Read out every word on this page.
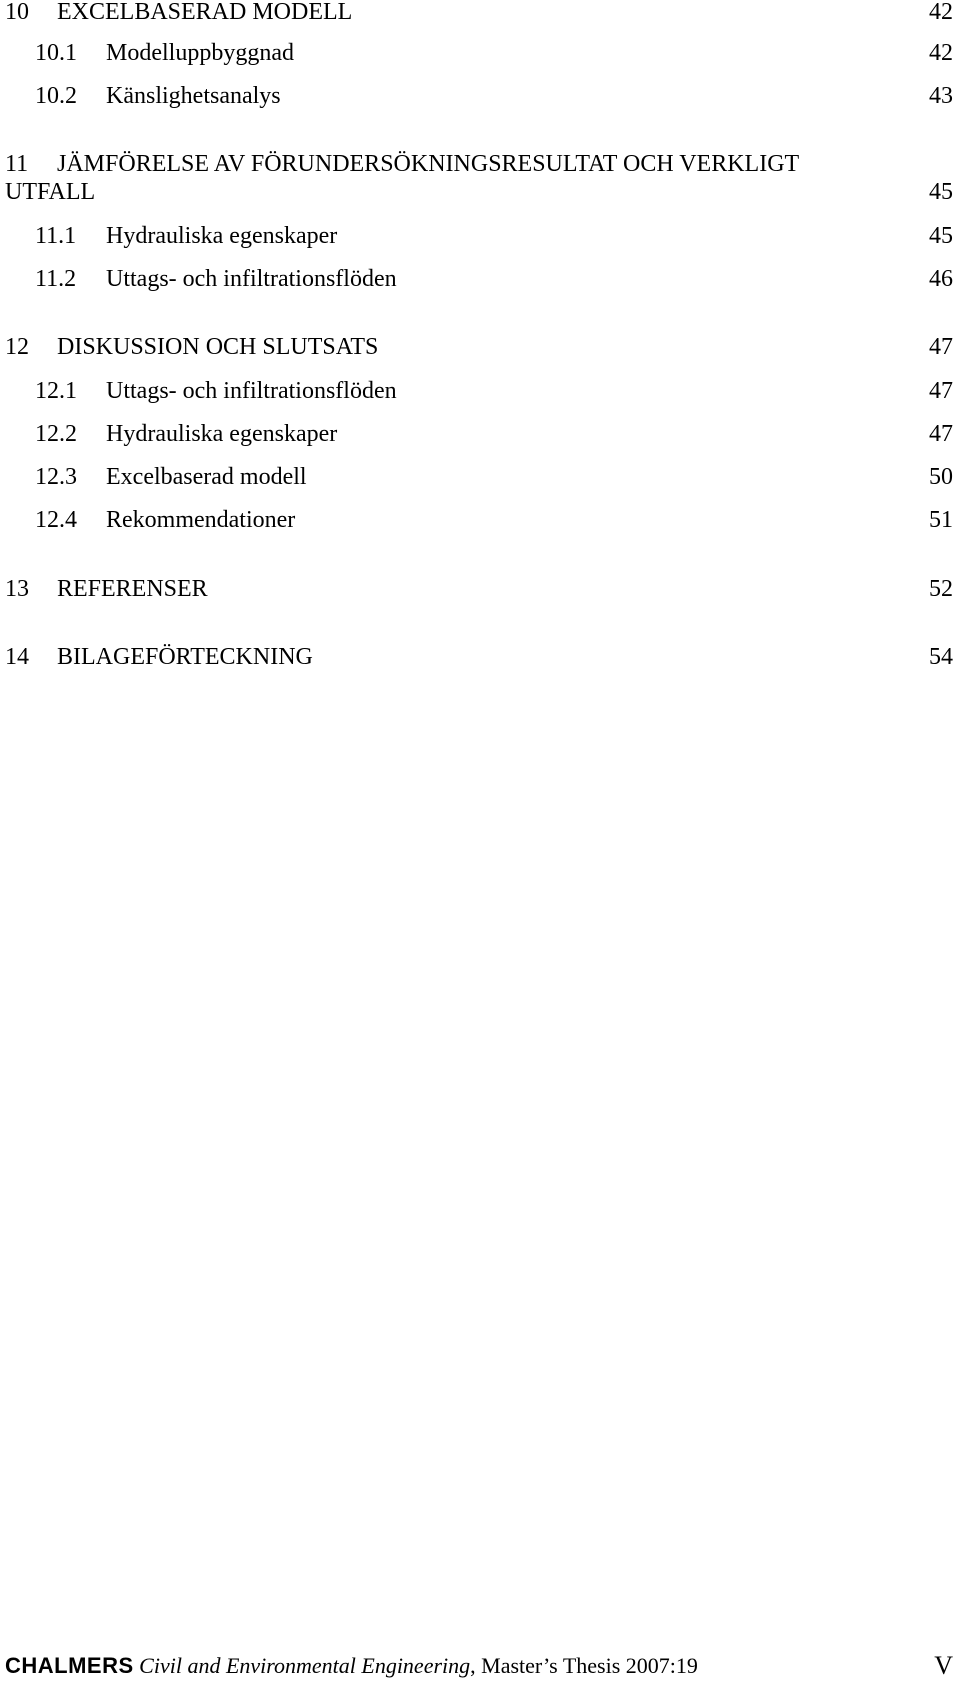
10 EXCELBASERAD MODELL	42
10.1 Modelluppbyggnad	42
10.2 Känslighetsanalys	43
11 JÄMFÖRELSE AV FÖRUNDERSÖKNINGSRESULTAT OCH VERKLIGT
UTFALL	45
11.1 Hydrauliska egenskaper	45
11.2 Uttags- och infiltrationsflöden	46
12 DISKUSSION OCH SLUTSATS	47
12.1 Uttags- och infiltrationsflöden	47
12.2 Hydrauliska egenskaper	47
12.3 Excelbaserad modell	50
12.4 Rekommendationer	51
13 REFERENSER	52
14 BILAGEFÖRTECKNING	54
CHALMERS Civil and Environmental Engineering, Master’s Thesis 2007:19	V
